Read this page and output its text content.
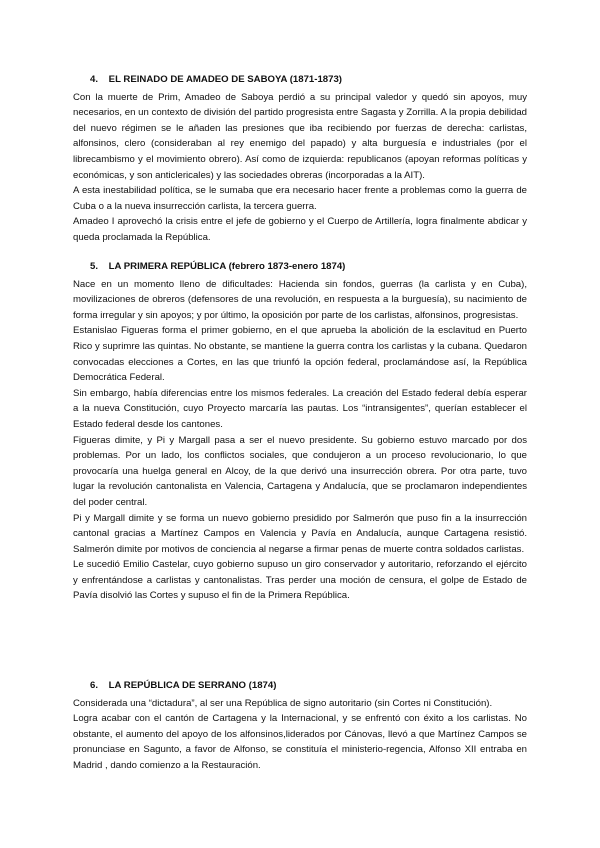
4. EL REINADO DE AMADEO DE SABOYA (1871-1873)

Con la muerte de Prim, Amadeo de Saboya perdió a su principal valedor y quedó sin apoyos, muy necesarios, en un contexto de división del partido progresista entre Sagasta y Zorrilla. A la propia debilidad del nuevo régimen se le añaden las presiones que iba recibiendo por fuerzas de derecha: carlistas, alfonsinos, clero (consideraban al rey enemigo del papado) y alta burguesía e industriales (por el librecambismo y el movimiento obrero). Así como de izquierda: republicanos (apoyan reformas políticas y económicas, y son anticlericales) y las sociedades obreras (incorporadas a la AIT).

A esta inestabilidad política, se le sumaba que era necesario hacer frente a problemas como la guerra de Cuba o a la nueva insurrección carlista, la tercera guerra.

Amadeo I aprovechó la crisis entre el jefe de gobierno y el Cuerpo de Artillería, logra finalmente abdicar y queda proclamada la República.

5. LA PRIMERA REPÚBLICA (febrero 1873-enero 1874)

Nace en un momento lleno de dificultades: Hacienda sin fondos, guerras (la carlista y en Cuba), movilizaciones de obreros (defensores de una revolución, en respuesta a la burguesía), su nacimiento de forma irregular y sin apoyos; y por último, la oposición por parte de los carlistas, alfonsinos, progresistas.

Estanislao Figueras forma el primer gobierno, en el que aprueba la abolición de la esclavitud en Puerto Rico y suprimre las quintas. No obstante, se mantiene la guerra contra los carlistas y la cubana. Quedaron convocadas elecciones a Cortes, en las que triunfó la opción federal, proclamándose así, la República Democrática Federal.

Sin embargo, había diferencias entre los mismos federales. La creación del Estado federal debía esperar a la nueva Constitución, cuyo Proyecto marcaría las pautas. Los “intransigentes”, querían establecer el Estado federal desde los cantones.

Figueras dimite, y Pi y Margall pasa a ser el nuevo presidente. Su gobierno estuvo marcado por dos problemas. Por un lado, los conflictos sociales, que condujeron a un proceso revolucionario, lo que provocaría una huelga general en Alcoy, de la que derivó una insurrección obrera. Por otra parte, tuvo lugar la revolución cantonalista en Valencia, Cartagena y Andalucía, que se proclamaron independientes del poder central.

Pi y Margall dimite y se forma un nuevo gobierno presidido por Salmerón que puso fin a la insurrección cantonal gracias a Martínez Campos en Valencia y Pavía en Andalucía, aunque Cartagena resistió. Salmerón dimite por motivos de conciencia al negarse a firmar penas de muerte contra soldados carlistas.

Le sucedió Emilio Castelar, cuyo gobierno supuso un giro conservador y autoritario, reforzando el ejército y enfrentándose a carlistas y cantonalistas. Tras perder una moción de censura, el golpe de Estado de Pavía disolvió las Cortes y supuso el fin de la Primera República.

6. LA REPÚBLICA DE SERRANO (1874)

Considerada una “dictadura”, al ser una República de signo autoritario (sin Cortes ni Constitución).

Logra acabar con el cantón de Cartagena y la Internacional, y se enfrentó con éxito a los carlistas. No obstante, el aumento del apoyo de los alfonsinos,liderados por Cánovas, llevó a que Martínez Campos se pronunciase en Sagunto, a favor de Alfonso, se constituía el ministerio-regencia, Alfonso XII entraba en Madrid , dando comienzo a la Restauración.
